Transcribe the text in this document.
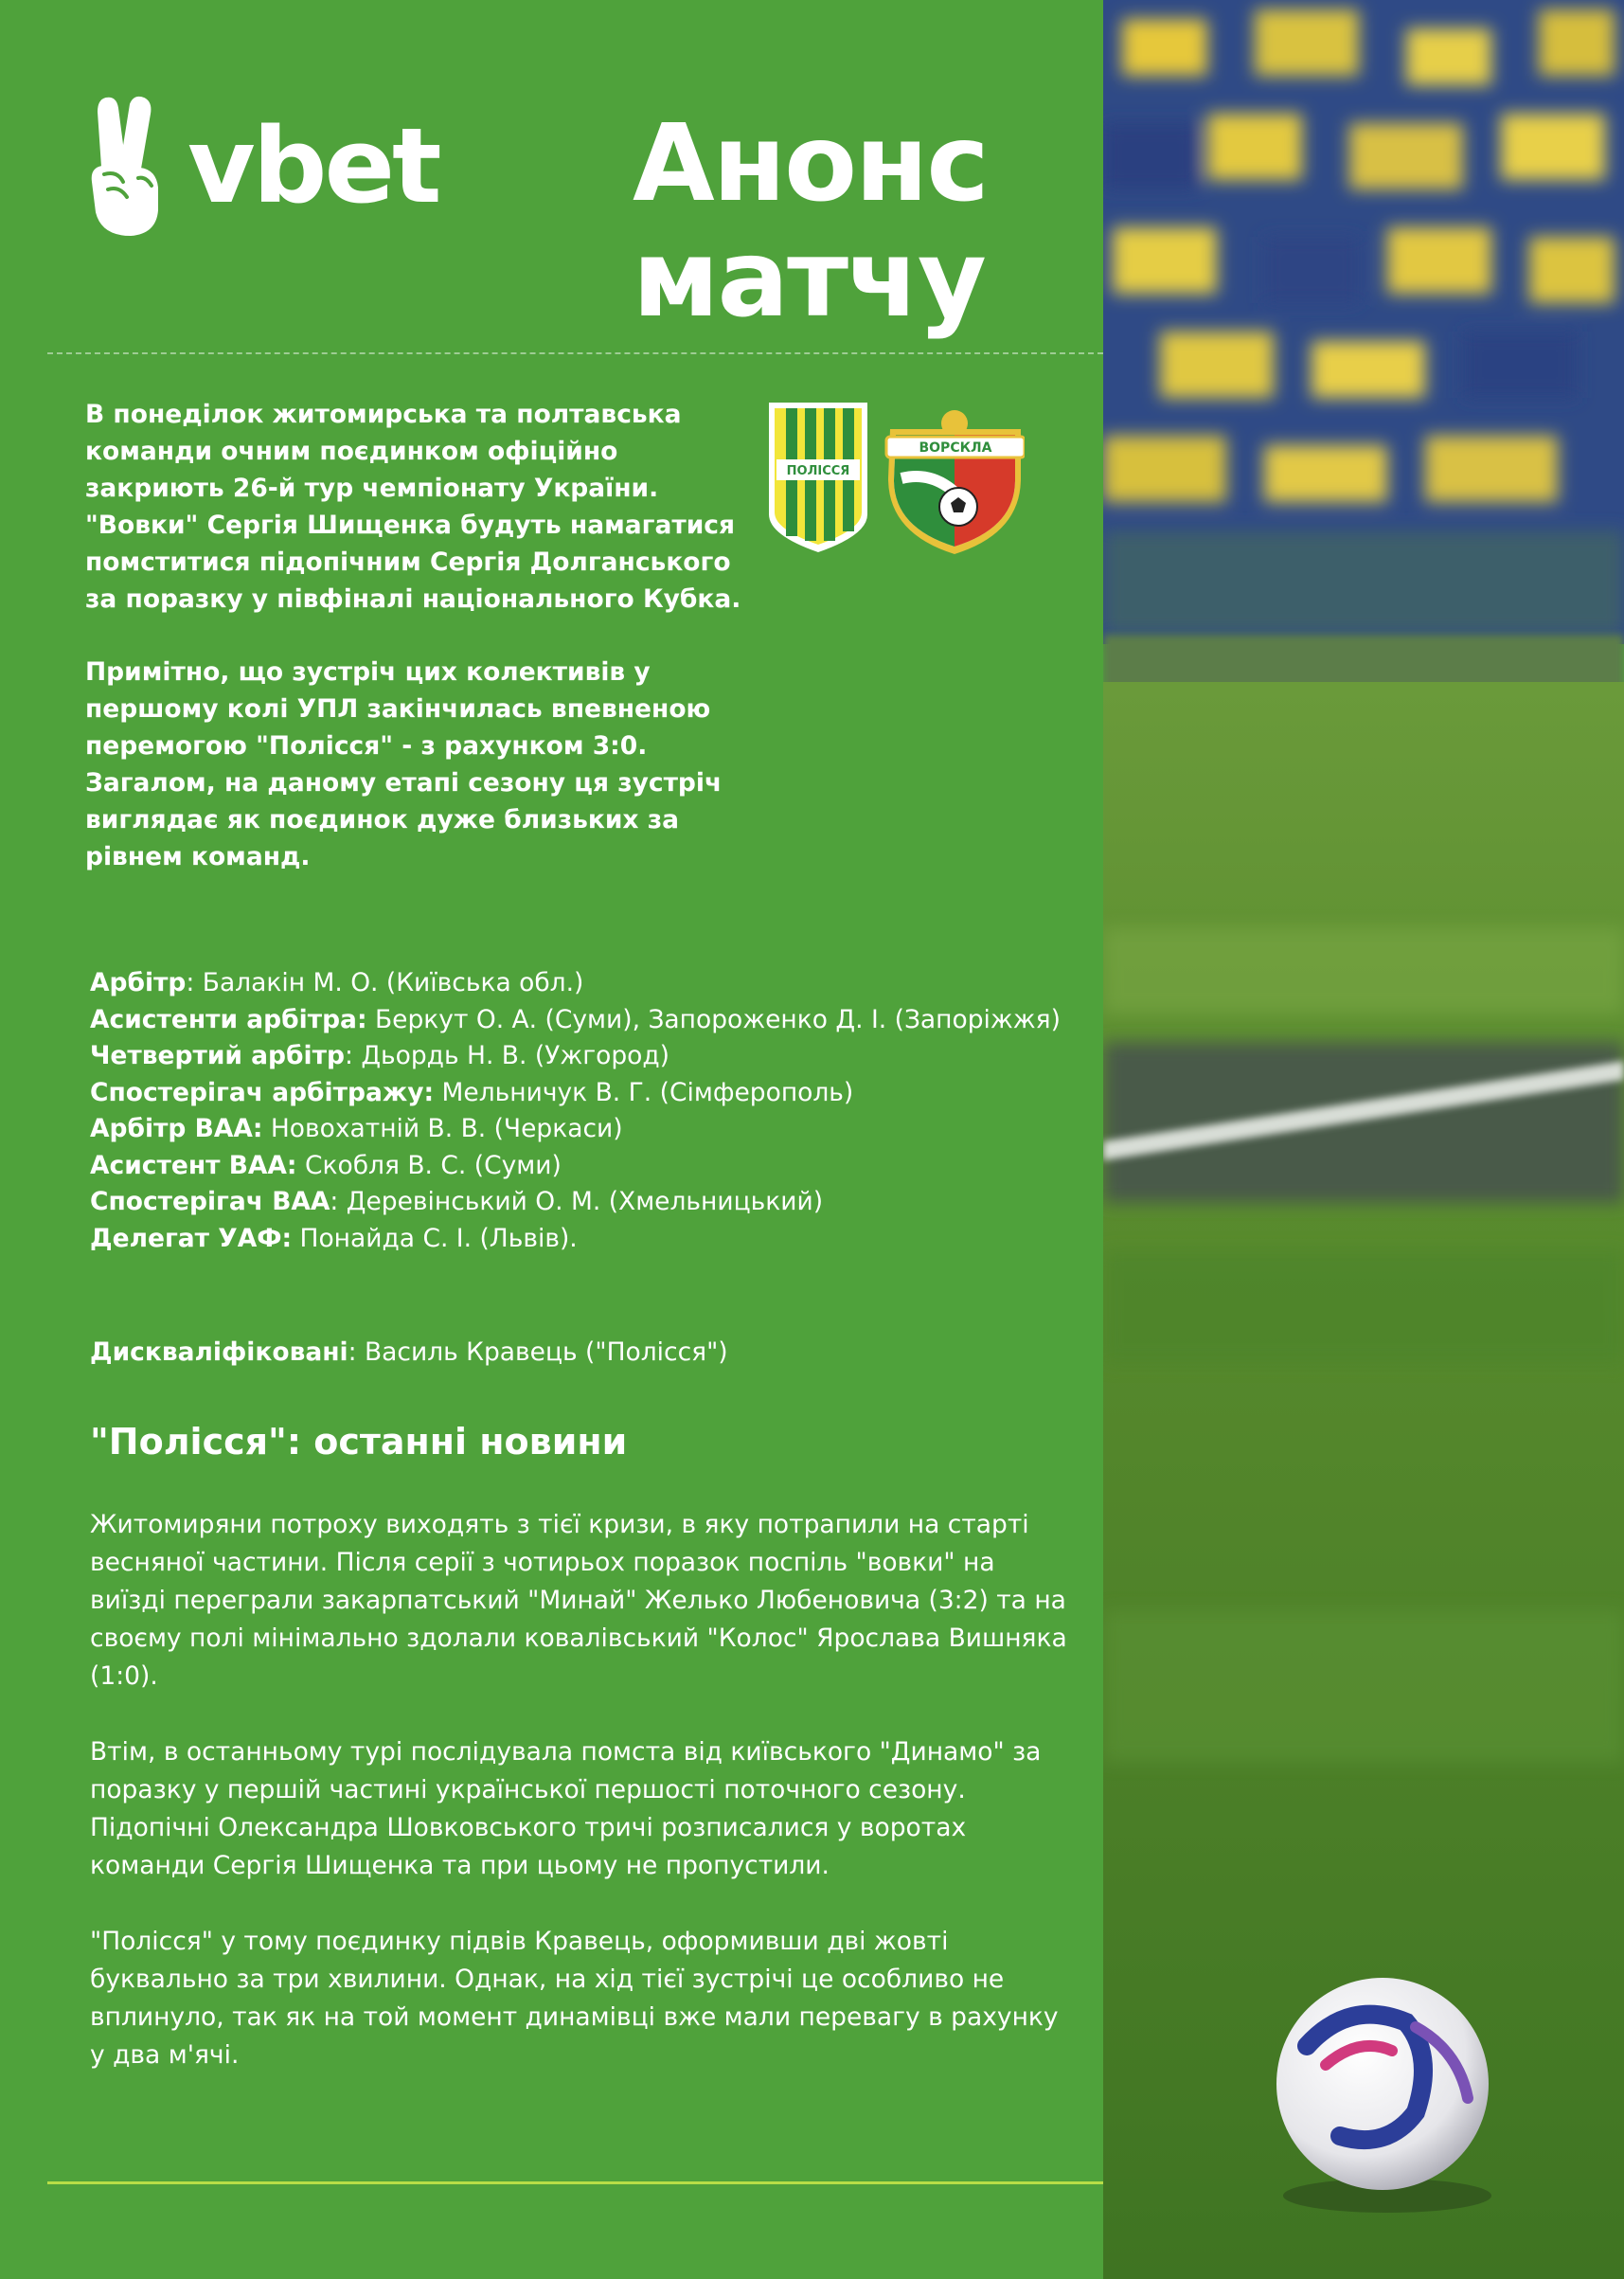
vbet Анонс
матчу

В понеділок житомирська та полтавська команди очним поєдинком офіційно закриють 26-й тур чемпіонату України. "Вовки" Сергія Шищенка будуть намагатися помститися підопічним Сергія Долганського за поразку у півфіналі національного Кубка.

Примітно, що зустріч цих колективів у першому колі УПЛ закінчилась впевненою перемогою "Полісся" - з рахунком 3:0. Загалом, на даному етапі сезону ця зустріч виглядає як поєдинок дуже близьких за рівнем команд.

ПОЛІССЯ
ВОРСКЛА
Арбітр: Балакін М. О. (Київська обл.)
Асистенти арбітра: Беркут О. А. (Суми), Запороженко Д. І. (Запоріжжя)
Четвертий арбітр: Дьордь Н. В. (Ужгород)
Спостерігач арбітражу: Мельничук В. Г. (Сімферополь)
Арбітр ВАА: Новохатній В. В. (Черкаси)
Асистент ВАА: Скобля В. С. (Суми)
Спостерігач ВАА: Деревінський О. М. (Хмельницький)
Делегат УАФ: Понайда С. І. (Львів).
Дискваліфіковані: Василь Кравець ("Полісся")
"Полісся": останні новини

Житомиряни потроху виходять з тієї кризи, в яку потрапили на старті весняної частини. Після серії з чотирьох поразок поспіль "вовки" на виїзді переграли закарпатський "Минай" Желько Любеновича (3:2) та на своєму полі мінімально здолали ковалівський "Колос" Ярослава Вишняка (1:0).

Втім, в останньому турі послідувала помста від київського "Динамо" за поразку у першій частині української першості поточного сезону. Підопічні Олександра Шовковського тричі розписалися у воротах команди Сергія Шищенка та при цьому не пропустили.

"Полісся" у тому поєдинку підвів Кравець, оформивши дві жовті буквально за три хвилини. Однак, на хід тієї зустрічі це особливо не вплинуло, так як на той момент динамівці вже мали перевагу в рахунку у два м'ячі.
